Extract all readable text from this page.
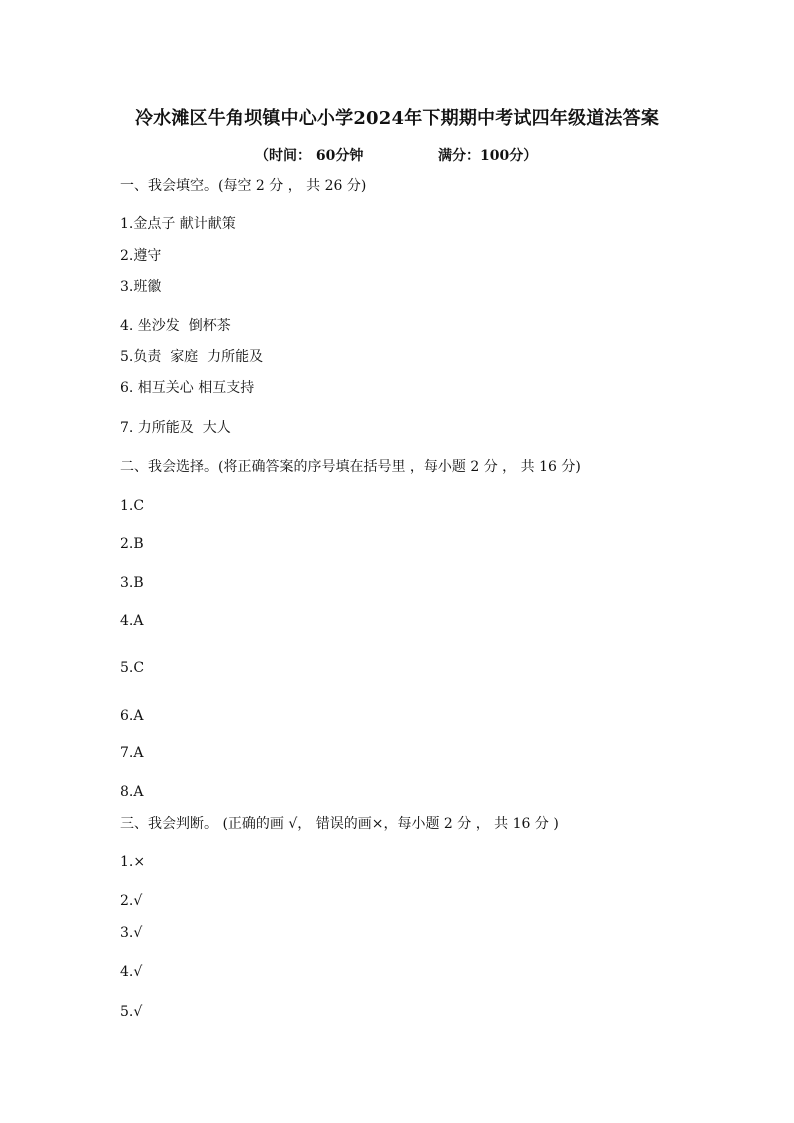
冷水滩区牛角坝镇中心小学2024年下期期中考试四年级道法答案
（时间： 60分钟	满分：100分）
一、我会填空。(每空 2 分 ， 共 26 分)
1.金点子 献计献策
2.遵守
3.班徽
4. 坐沙发  倒杯茶
5.负责  家庭  力所能及
6. 相互关心 相互支持
7. 力所能及  大人
二、我会选择。(将正确答案的序号填在括号里 ，每小题 2 分 ， 共 16 分)
1.C
2.B
3.B
4.A
5.C
6.A
7.A
8.A
三、我会判断。 (正确的画 √， 错误的画×，每小题 2 分 ， 共 16 分 )
1.×
2.√
3.√
4.√
5.√
